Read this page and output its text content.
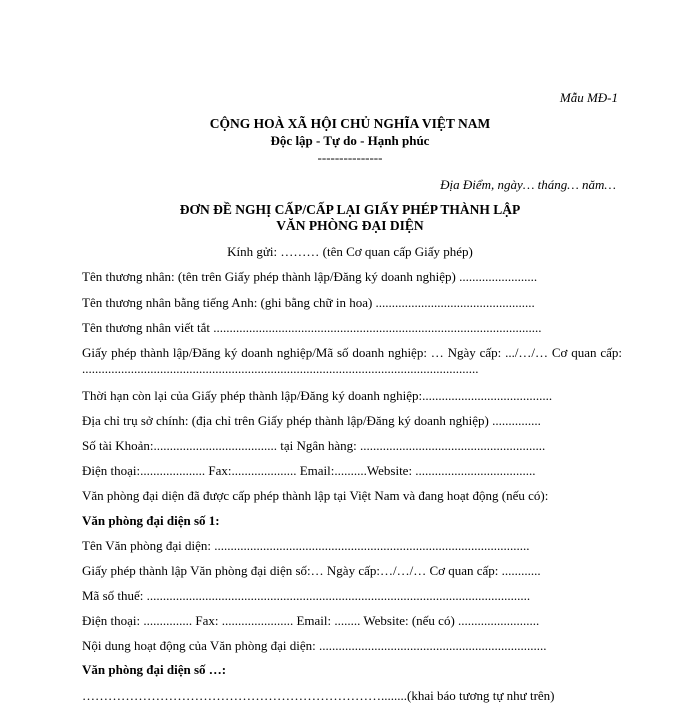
Mẫu MĐ-1
CỘNG HOÀ XÃ HỘI CHỦ NGHĨA VIỆT NAM
Độc lập - Tự do - Hạnh phúc
---------------
Địa Điểm, ngày… tháng… năm…
ĐƠN ĐỀ NGHỊ CẤP/CẤP LẠI GIẤY PHÉP THÀNH LẬP
VĂN PHÒNG ĐẠI DIỆN
Kính gửi: ……… (tên Cơ quan cấp Giấy phép)
Tên thương nhân: (tên trên Giấy phép thành lập/Đăng ký doanh nghiệp) ........................
Tên thương nhân bằng tiếng Anh: (ghi bằng chữ in hoa) .................................................
Tên thương nhân viết tắt .....................................................................................................
Giấy phép thành lập/Đăng ký doanh nghiệp/Mã số doanh nghiệp: … Ngày cấp: .../…/… Cơ quan cấp: ..........................................................................................................................
Thời hạn còn lại của Giấy phép thành lập/Đăng ký doanh nghiệp:........................................
Địa chỉ trụ sở chính: (địa chỉ trên Giấy phép thành lập/Đăng ký doanh nghiệp) ...............
Số tài Khoản:...................................... tại Ngân hàng: .........................................................
Điện thoại:.................... Fax:.................... Email:..........Website: .....................................
Văn phòng đại diện đã được cấp phép thành lập tại Việt Nam và đang hoạt động (nếu có):
Văn phòng đại diện số 1:
Tên Văn phòng đại diện: .................................................................................................
Giấy phép thành lập Văn phòng đại diện số:… Ngày cấp:…/…/… Cơ quan cấp: ............
Mã số thuế: ......................................................................................................................
Điện thoại: ............... Fax: ...................... Email: ........ Website: (nếu có) .........................
Nội dung hoạt động của Văn phòng đại diện: ......................................................................
Văn phòng đại diện số …:
……………………………………………………………........(khai báo tương tự như trên)
